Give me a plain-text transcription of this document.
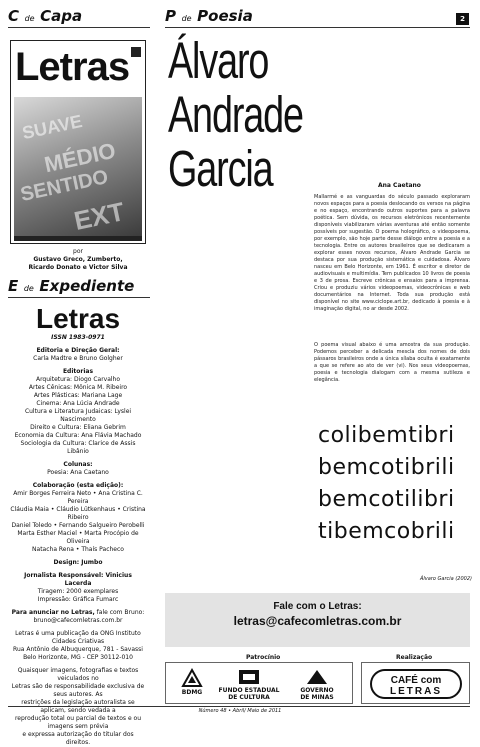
C de Capa
Letras
SUAVE
MÉDIO
SENTIDO
EXT
por
Gustavo Greco, Zumberto,
Ricardo Donato e Victor Silva
E de Expediente
Letras
ISSN 1983-0971
Editoria e Direção Geral:
Carla Madtre e Bruno Golgher
Editorias
Arquitetura: Diogo Carvalho
Artes Cênicas: Mônica M. Ribeiro
Artes Plásticas: Mariana Lage
Cinema: Ana Lúcia Andrade
Cultura e Literatura Judaicas: Lyslei Nascimento
Direito e Cultura: Eliana Gebrim
Economia da Cultura: Ana Flávia Machado
Sociologia da Cultura: Clarice de Assis Libânio
Colunas:
Poesia: Ana Caetano
Colaboração (esta edição):
Amir Borges Ferreira Neto • Ana Cristina C. Pereira
Cláudia Maia • Cláudio Lütkenhaus • Cristina Ribeiro
Daniel Toledo • Fernando Salgueiro Perobelli
Marta Esther Maciel • Marta Procópio de Oliveira
Natacha Rena • Thaís Pacheco
Design: Jumbo
Jornalista Responsável: Vinicius Lacerda
Tiragem: 2000 exemplares
Impressão: Gráfica Fumarc
Para anunciar no Letras, fale com Bruno:
bruno@cafecomletras.com.br
Letras é uma publicação da ONG Instituto Cidades Criativas
Rua Antônio de Albuquerque, 781 - Savassi
Belo Horizonte, MG - CEP 30112-010
Quaisquer imagens, fotografias e textos veiculados no
Letras são de responsabilidade exclusiva de seus autores. As
restrições da legislação autoralista se aplicam, sendo vedada a
reprodução total ou parcial de textos e ou imagens sem prévia
e expressa autorização do titular dos direitos.
P de Poesia	2
Álvaro
Andrade
Garcia	Ana Caetano
Mallarmé e as vanguardas do século passado exploraram novos espaços para a poesia deslocando os versos na página e no espaço, encontrando outros suportes para a palavra poética. Sem dúvida, os recursos eletrônicos recentemente disponíveis viabilizaram várias aventuras até então somente possíveis por sugestão. O poema holográfico, o videopoema, por exemplo, são hoje parte desse diálogo entre a poesia e a tecnologia. Entre os autores brasileiros que se dedicaram a explorar esses novos recursos, Álvaro Andrade Garcia se destaca por sua produção sistemática e cuidadosa. Álvaro nasceu em Belo Horizonte, em 1961. É escritor e diretor de audiovisuais e multimídia. Tem publicados 10 livros de poesia e 3 de prosa. Escreve crônicas e ensaios para a imprensa. Criou e produziu vários videopoemas, videocrônicas e web documentários na Internet. Toda sua produção está disponível no site www.ciclope.art.br, dedicado à poesia e à imaginação digital, no ar desde 2002.
O poema visual abaixo é uma amostra da sua produção. Podemos perceber a delicada mescla dos nomes de dois pássaros brasileiros onde a única sílaba oculta é exatamente a que se refere ao ato de ver (vi). Nos seus videopoemas, poesia e tecnologia dialogam com a mesma sutileza e elegância.
colibemtibri
bemcotibrili
bemcotilibri
tibemcobrili
Álvaro Garcia (2002)
Fale com o Letras:
letras@cafecomletras.com.br
Patrocínio	Realização
BDMG	FUNDO ESTADUAL
DE CULTURA
GOVERNO
DE MINAS
CAFÉ com
LETRAS
Número 48 • Abril/ Maio de 2011
